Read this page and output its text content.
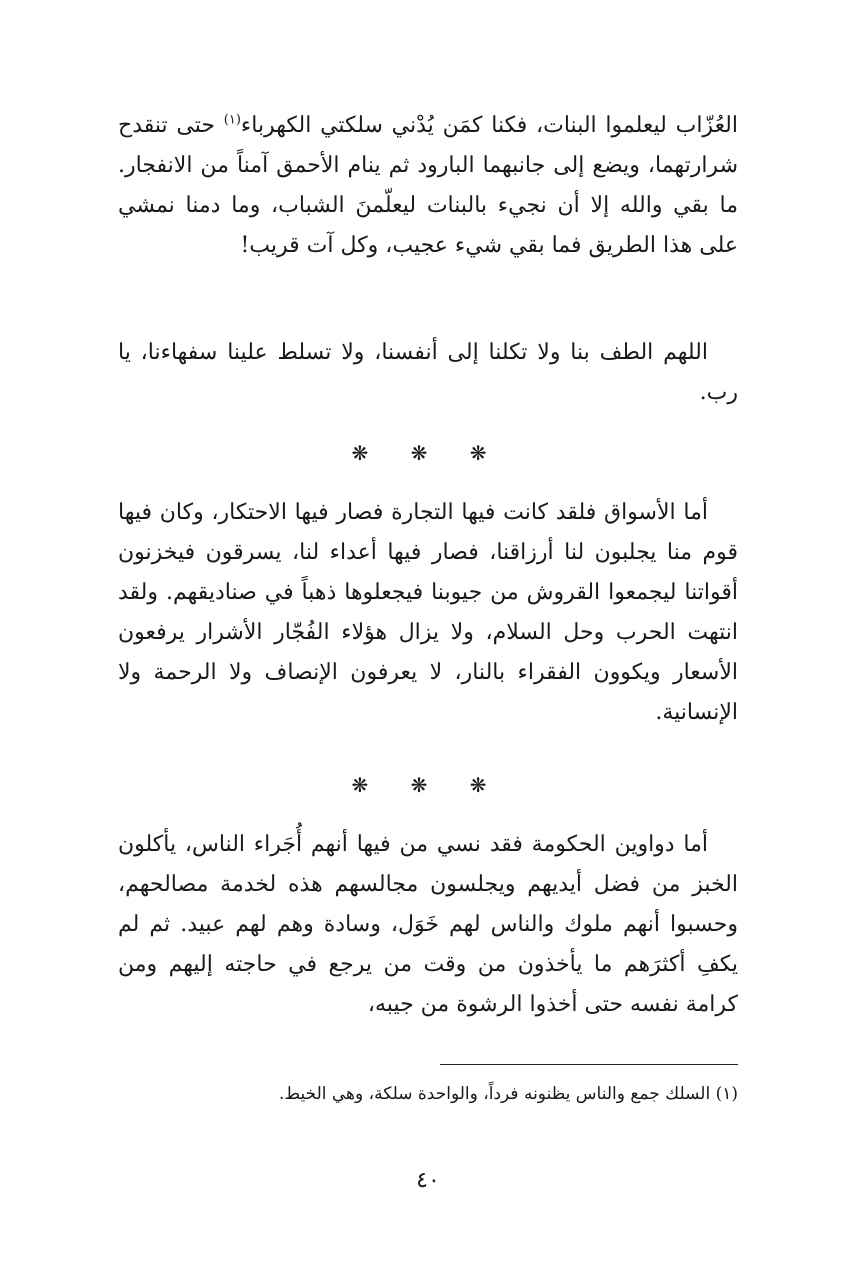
العُزّاب ليعلموا البنات، فكنا كمَن يُدْني سلكتي الكهرباء$^{(١)}$ حتى تنقدح شرارتهما، ويضع إلى جانبهما البارود ثم ينام الأحمق آمناً من الانفجار. ما بقي والله إلا أن نجيء بالبنات ليعلّمنَ الشباب، وما دمنا نمشي على هذا الطريق فما بقي شيء عجيب، وكل آت قريب!

اللهم الطف بنا ولا تكلنا إلى أنفسنا، ولا تسلط علينا سفهاءنا، يا رب.

❋ ❋ ❋

أما الأسواق فلقد كانت فيها التجارة فصار فيها الاحتكار، وكان فيها قوم منا يجلبون لنا أرزاقنا، فصار فيها أعداء لنا، يسرقون فيخزنون أقواتنا ليجمعوا القروش من جيوبنا فيجعلوها ذهباً في صناديقهم. ولقد انتهت الحرب وحل السلام، ولا يزال هؤلاء الفُجّار الأشرار يرفعون الأسعار ويكوون الفقراء بالنار، لا يعرفون الإنصاف ولا الرحمة ولا الإنسانية.

❋ ❋ ❋

أما دواوين الحكومة فقد نسي من فيها أنهم أُجَراء الناس، يأكلون الخبز من فضل أيديهم ويجلسون مجالسهم هذه لخدمة مصالحهم، وحسبوا أنهم ملوك والناس لهم خَوَل، وسادة وهم لهم عبيد. ثم لم يكفِ أكثرَهم ما يأخذون من وقت من يرجع في حاجته إليهم ومن كرامة نفسه حتى أخذوا الرشوة من جيبه،

(١) السلك جمع والناس يظنونه فرداً، والواحدة سلكة، وهي الخيط.

٤٠
